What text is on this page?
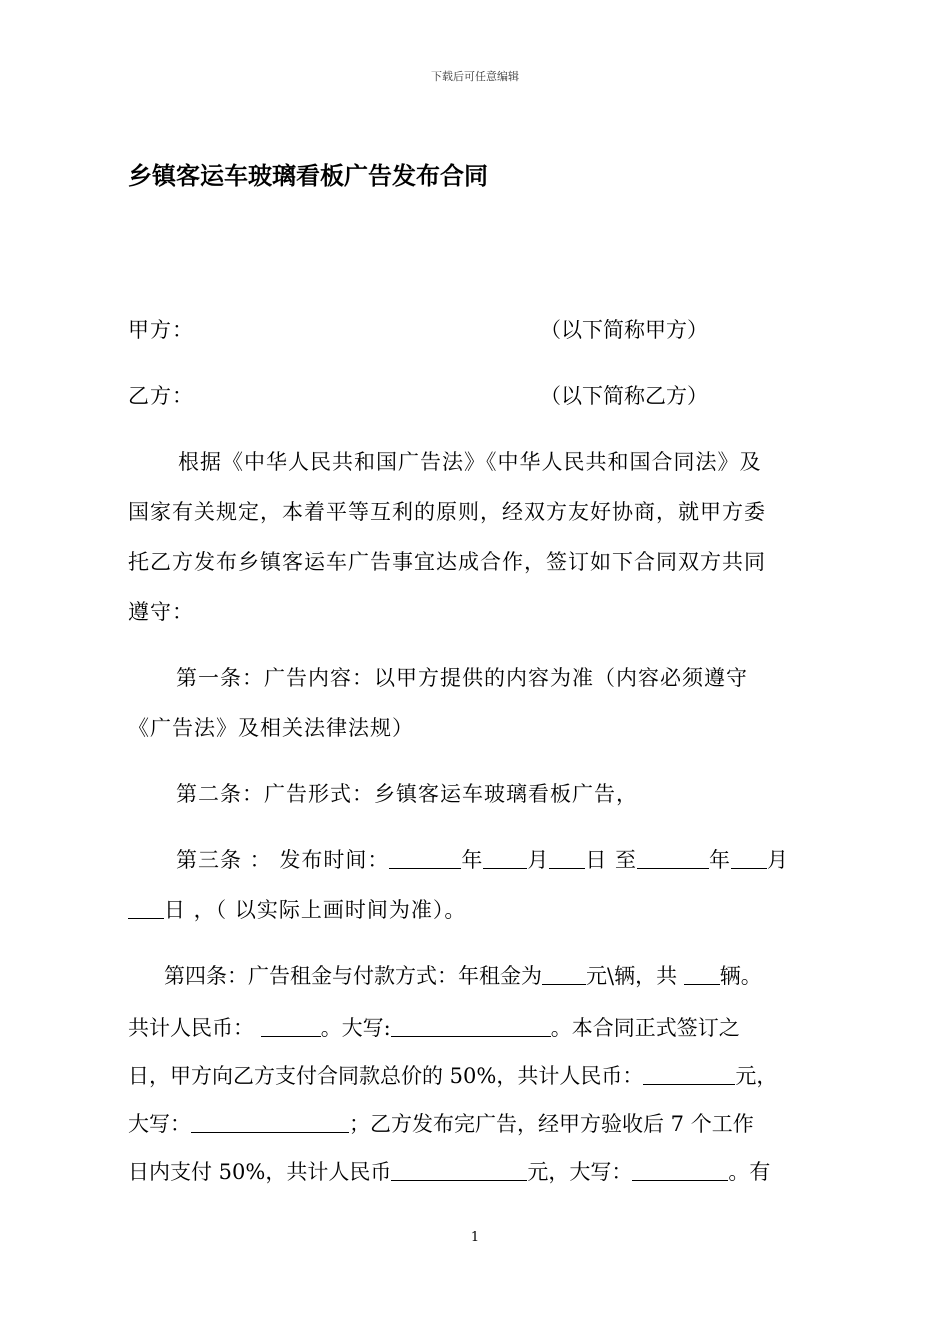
下载后可任意编辑
乡镇客运车玻璃看板广告发布合同
甲方：	（以下简称甲方）
乙方：	（以下简称乙方）
根据《中华人民共和国广告法》《中华人民共和国合同法》及
国家有关规定，本着平等互利的原则，经双方友好协商，就甲方委
托乙方发布乡镇客运车广告事宜达成合作，签订如下合同双方共同
遵守：
第一条：广告内容：以甲方提供的内容为准（内容必须遵守
《广告法》及相关法律法规）
第二条：广告形式：乡镇客运车玻璃看板广告，
第三条 ： 发布时间：	年 月 日 至	年 月
日 ，（ 以实际上画时间为准）。
第四条：广告租金与付款方式：年租金为 元\辆，共 辆。
共计人民币：	。大写:	。本合同正式签订之
日，甲方向乙方支付合同款总价的 50%，共计人民币：	元，
大写：	；乙方发布完广告，经甲方验收后 7 个工作
日内支付 50%，共计人民币	元，大写：	。有
1
